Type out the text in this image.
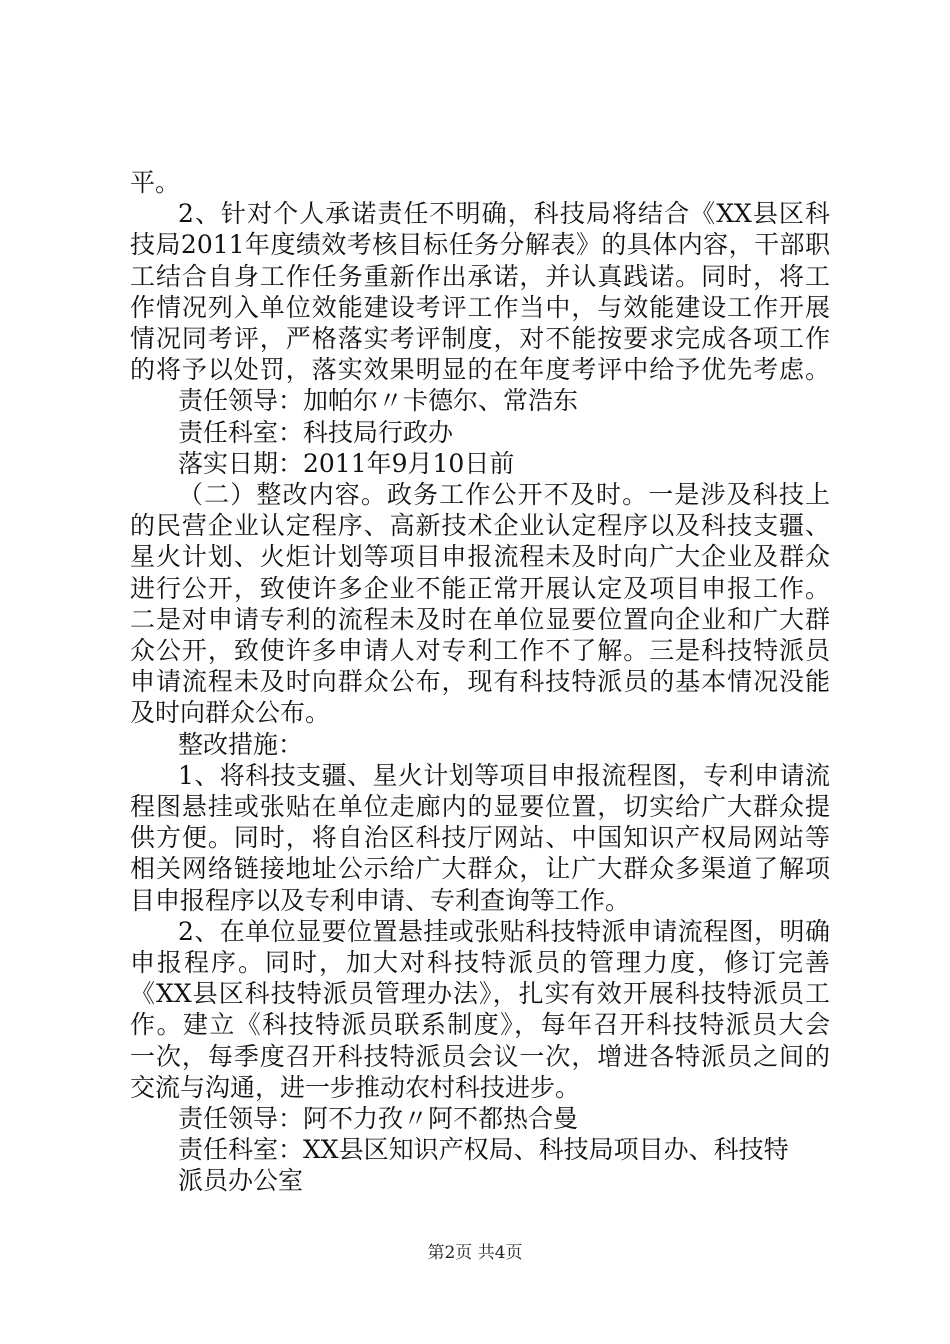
平。
2、针对个人承诺责任不明确，科技局将结合《XX县区科
技局2011年度绩效考核目标任务分解表》的具体内容，干部职
工结合自身工作任务重新作出承诺，并认真践诺。同时，将工
作情况列入单位效能建设考评工作当中，与效能建设工作开展
情况同考评，严格落实考评制度，对不能按要求完成各项工作
的将予以处罚，落实效果明显的在年度考评中给予优先考虑。
责任领导：加帕尔〃卡德尔、常浩东
责任科室：科技局行政办
落实日期：2011年9月10日前
（二）整改内容。政务工作公开不及时。一是涉及科技上
的民营企业认定程序、高新技术企业认定程序以及科技支疆、
星火计划、火炬计划等项目申报流程未及时向广大企业及群众
进行公开，致使许多企业不能正常开展认定及项目申报工作。
二是对申请专利的流程未及时在单位显要位置向企业和广大群
众公开，致使许多申请人对专利工作不了解。三是科技特派员
申请流程未及时向群众公布，现有科技特派员的基本情况没能
及时向群众公布。
整改措施：
1、将科技支疆、星火计划等项目申报流程图，专利申请流
程图悬挂或张贴在单位走廊内的显要位置，切实给广大群众提
供方便。同时，将自治区科技厅网站、中国知识产权局网站等
相关网络链接地址公示给广大群众，让广大群众多渠道了解项
目申报程序以及专利申请、专利查询等工作。
2、在单位显要位置悬挂或张贴科技特派申请流程图，明确
申报程序。同时，加大对科技特派员的管理力度，修订完善
《XX县区科技特派员管理办法》，扎实有效开展科技特派员工
作。建立《科技特派员联系制度》，每年召开科技特派员大会
一次，每季度召开科技特派员会议一次，增进各特派员之间的
交流与沟通，进一步推动农村科技进步。
责任领导：阿不力孜〃阿不都热合曼
责任科室：XX县区知识产权局、科技局项目办、科技特
派员办公室
第2页 共4页
